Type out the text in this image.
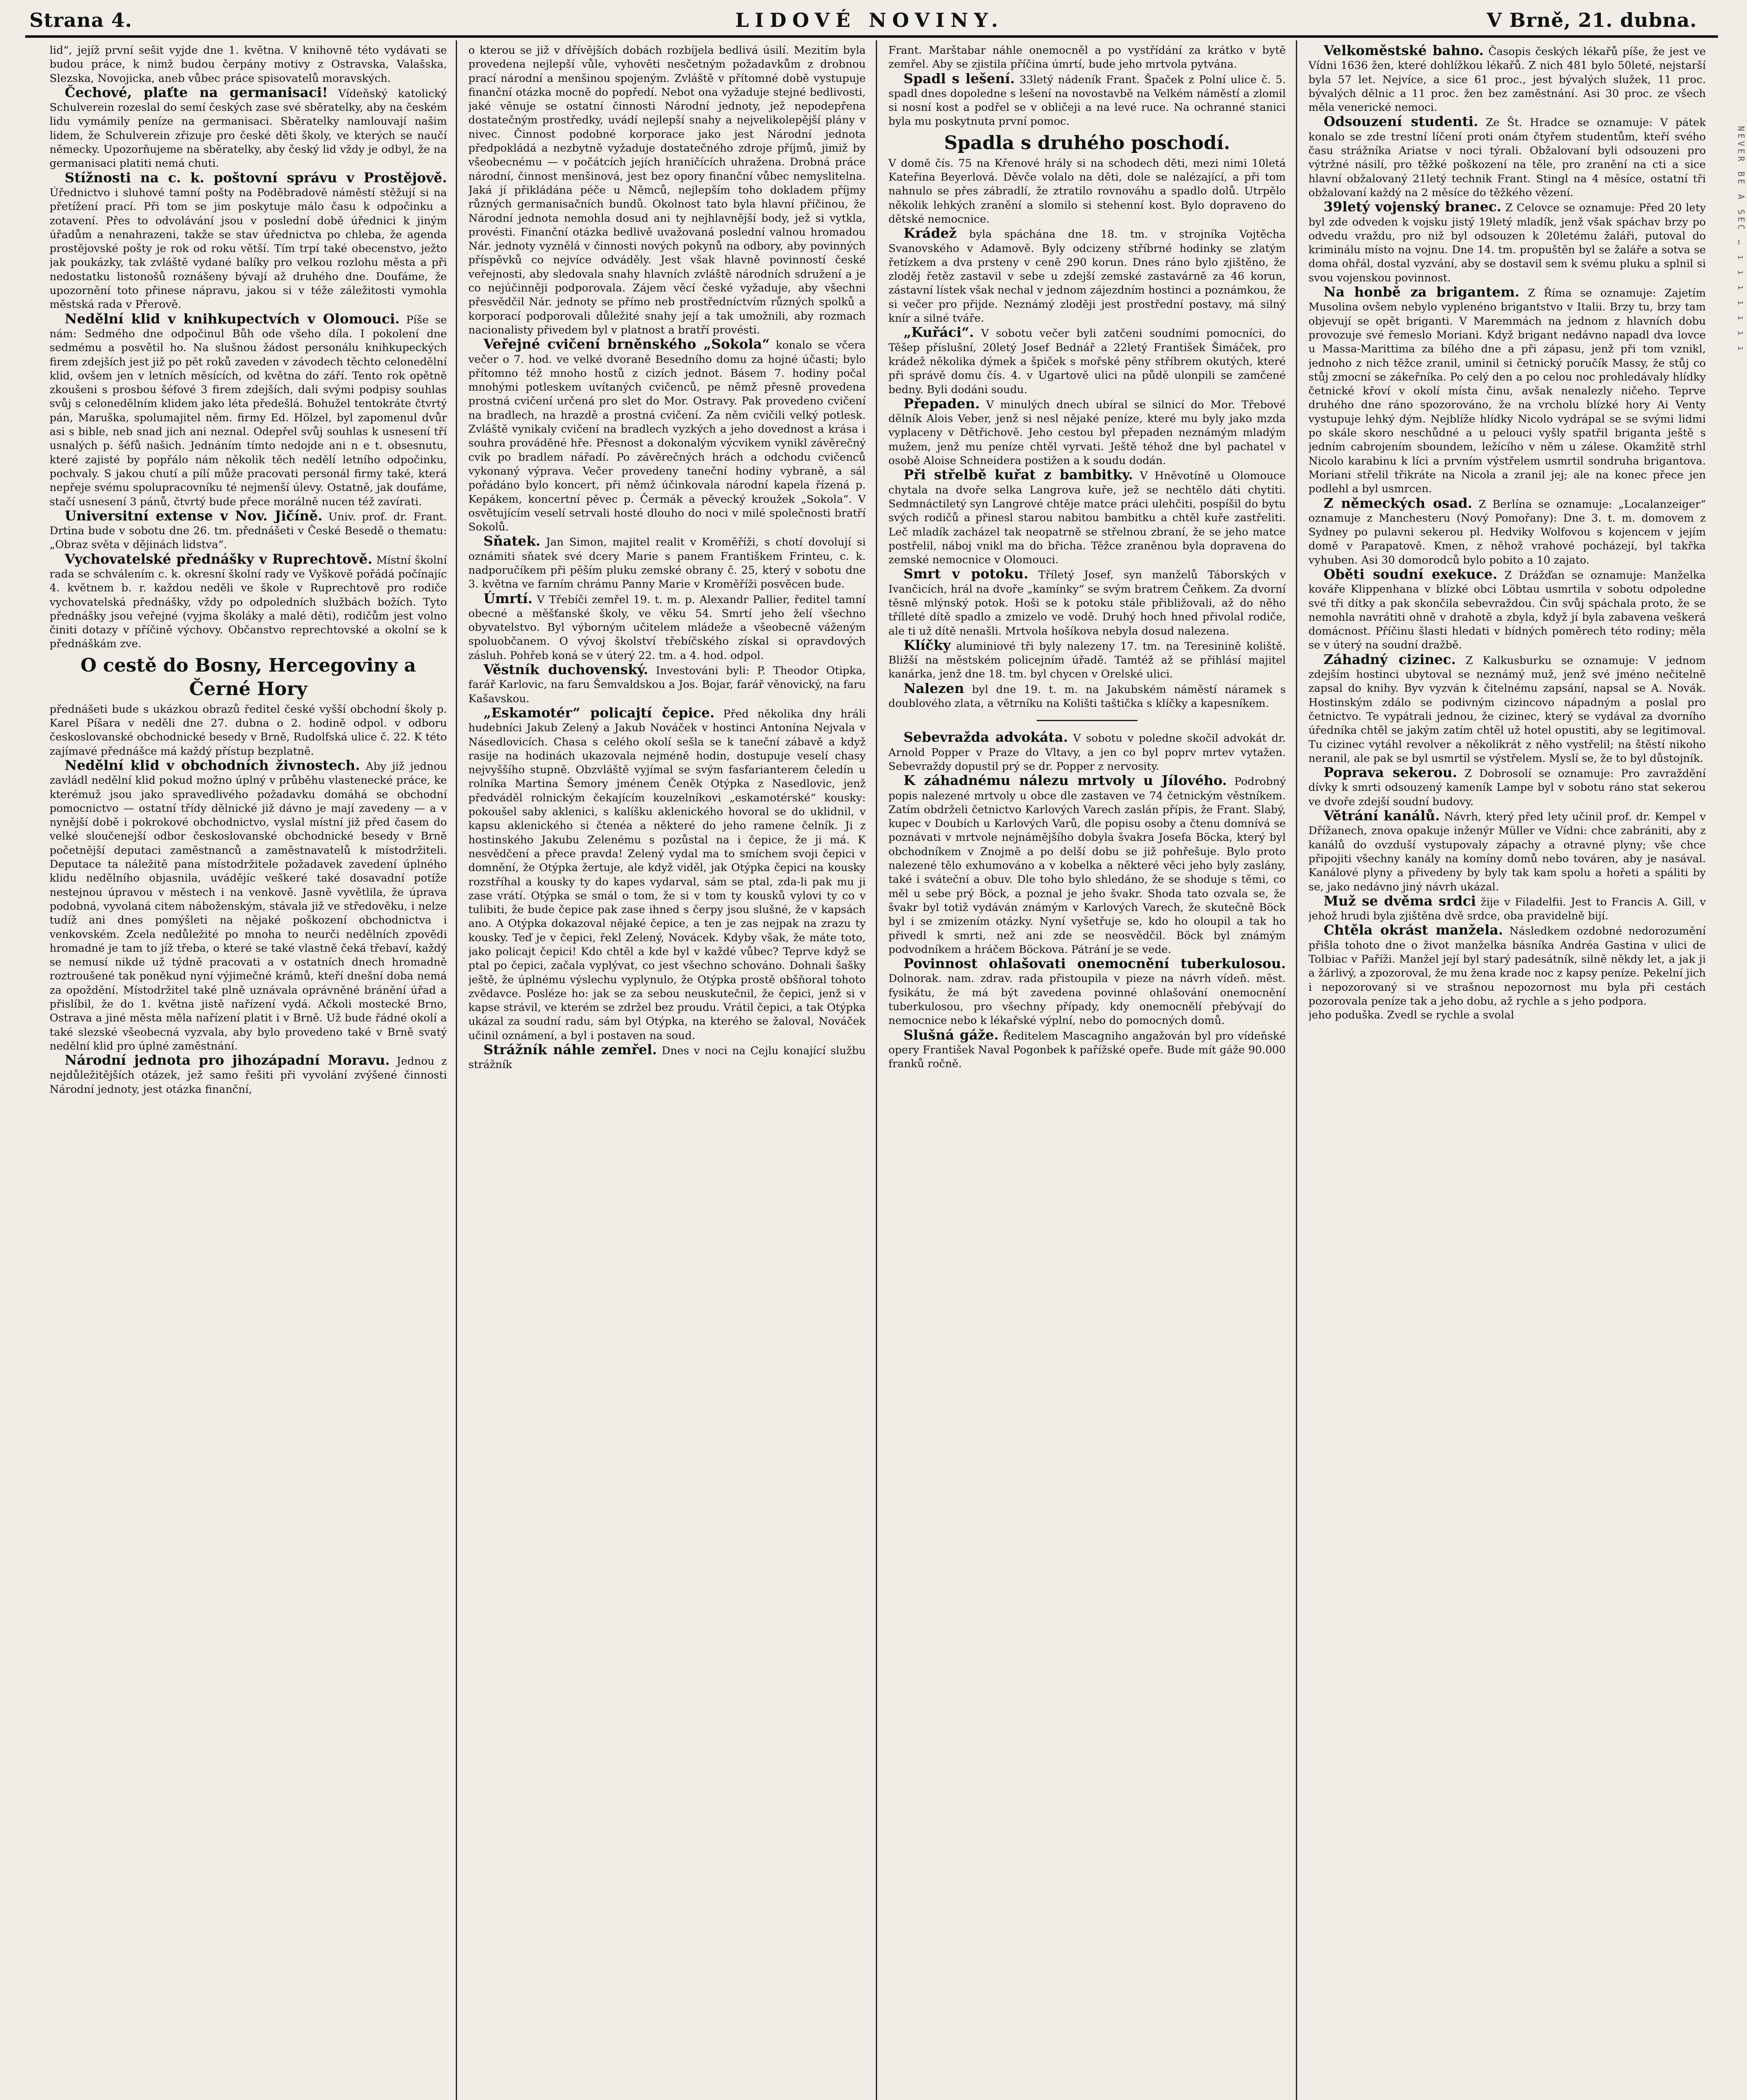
Strana 4.	LIDOVÉ NOVINY.	V Brně, 21. dubna.

lid“, jejíž první sešit vyjde dne 1. května. V knihovně této vydávati se budou práce, k nimž budou čerpány motivy z Ostravska, Valašska, Slezska, Novojicka, aneb vůbec práce spisovatelů moravských.

Čechové, plaťte na germanisaci! Vídeňský katolický Schulverein rozeslal do semí českých zase své sběratelky, aby na českém lidu vymámily peníze na germanisaci. Sběratelky namlouvají našim lidem, že Schulverein zřizuje pro české děti školy, ve kterých se naučí německy. Upozorňujeme na sběratelky, aby český lid vždy je odbyl, že na germanisaci platiti nemá chuti.

Stížnosti na c. k. poštovní správu v Prostějově. Úřednictvo i sluhové tamní pošty na Poděbradově náměstí stěžují si na přetížení prací. Při tom se jim poskytuje málo času k odpočinku a zotavení. Přes to odvolávání jsou v poslední době úřednici k jiným úřadům a nenahrazeni, takže se stav úřednictva po chleba, že agenda prostějovské pošty je rok od roku větší. Tím trpí také obecenstvo, ježto jak poukázky, tak zvláště vydané balíky pro velkou rozlohu města a při nedostatku listonošů roznášeny bývají až druhého dne. Doufáme, že upozornění toto přinese nápravu, jakou si v téže záležitosti vymohla městská rada v Přerově.

Nedělní klid v knihkupectvích v Olomouci. Píše se nám: Sedmého dne odpočinul Bůh ode všeho díla. I pokolení dne sedmému a posvětil ho. Na slušnou žádost personálu knihkupeckých firem zdejších jest již po pět roků zaveden v závodech těchto celonedělní klid, ovšem jen v letních měsících, od května do září. Tento rok opětně zkoušeni s prosbou šéfové 3 firem zdejších, dali svými podpisy souhlas svůj s celonedělním klidem jako léta předešlá. Bohužel tentokráte čtvrtý pán, Maruška, spolumajitel něm. firmy Ed. Hölzel, byl zapomenul dvůr asi s bible, neb snad jich ani neznal. Odepřel svůj souhlas k usnesení tří usnalých p. šéfů našich. Jednáním tímto nedojde ani n e t. obsesnutu, které zajisté by popřálo nám několik těch nedělí letního odpočinku, pochvaly. S jakou chutí a pílí může pracovati personál firmy také, která nepřeje svému spolupracovníku té nejmenší úlevy. Ostatně, jak doufáme, stačí usnesení 3 pánů, čtvrtý bude přece morálně nucen též zavírati.

Universitní extense v Nov. Jičíně. Univ. prof. dr. Frant. Drtina bude v sobotu dne 26. tm. přednášeti v České Besedě o thematu: „Obraz světa v dějinách lidstva“.

Vychovatelské přednášky v Ruprechtově. Místní školní rada se schválením c. k. okresní školní rady ve Vyškově pořádá počínajíc 4. květnem b. r. každou neděli ve škole v Ruprechtově pro rodiče vychovatelská přednášky, vždy po odpoledních službách božích. Tyto přednášky jsou veřejné (vyjma školáky a malé děti), rodičům jest volno činiti dotazy v příčině výchovy. Občanstvo reprechtovské a okolní se k přednáškám zve.

O cestě do Bosny, Hercegoviny a Černé Hory

přednášeti bude s ukázkou obrazů ředitel české vyšší obchodní školy p. Karel Píšara v neděli dne 27. dubna o 2. hodině odpol. v odboru českoslovanské obchodnické besedy v Brně, Rudolfská ulice č. 22. K této zajímavé přednášce má každý přístup bezplatně.

Nedělní klid v obchodních živnostech. Aby již jednou zavládl nedělní klid pokud možno úplný v průběhu vlastenecké práce, ke kterémuž jsou jako spravedlivého požadavku domáhá se obchodní pomocnictvo — ostatní třídy dělnické již dávno je mají zavedeny — a v nynější době i pokrokové obchodnictvo, vyslal místní již před časem do velké sloučenejší odbor českoslovanské obchodnické besedy v Brně početnější deputaci zaměstnanců a zaměstnavatelů k místodržiteli. Deputace ta náležitě pana místodržitele požadavek zavedení úplného klidu nedělního objasnila, uvádějíc veškeré také dosavadní potíže nestejnou úpravou v městech i na venkově. Jasně vyvětlila, že úprava podobná, vyvolaná citem náboženským, stávala již ve středověku, i nelze tudíž ani dnes pomýšleti na nějaké poškození obchodnictva i venkovském. Zcela nedůležité po mnoha to neurči nedělních zpovědi hromadné je tam to jíž třeba, o které se také vlastně čeká třebaví, každý se nemusí nikde už týdně pracovati a v ostatních dnech hromadně roztroušené tak poněkud nyní výjimečné krámů, kteří dnešní doba nemá za opoždění. Místodržitel také plně uznávala oprávněné bránění úřad a přislíbil, že do 1. května jistě nařízení vydá. Ačkoli mostecké Brno, Ostrava a jiné města měla nařízení platit i v Brně. Už bude řádné okolí a také slezské všeobecná vyzvala, aby bylo provedeno také v Brně svatý nedělní klid pro úplné zaměstnání.

Národní jednota pro jihozápadní Moravu. Jednou z nejdůležitějších otázek, jež samo řešiti při vyvolání zvýšené činnosti Národní jednoty, jest otázka finanční,

o kterou se již v dřívějších dobách rozbíjela bedlivá úsilí. Mezitím byla provedena nejlepší vůle, vyhověti nesčetným požadavkům z drobnou prací národní a menšinou spojeným. Zvláště v přítomné době vystupuje finanční otázka mocně do popředí. Nebot ona vyžaduje stejné bedlivosti, jaké věnuje se ostatní činnosti Národní jednoty, jež nepodepřena dostatečným prostředky, uvádí nejlepší snahy a nejvelikolepější plány v nivec. Činnost podobné korporace jako jest Národní jednota předpokládá a nezbytně vyžaduje dostatečného zdroje příjmů, jimiž by všeobecnému — v počátcích jejích hraničících uhražena. Drobná práce národní, činnost menšinová, jest bez opory finanční vůbec nemyslitelna. Jaká jí přikládána péče u Němců, nejlepším toho dokladem příjmy různých germanisačních bundů. Okolnost tato byla hlavní příčinou, že Národní jednota nemohla dosud ani ty nejhlavnější body, jež si vytkla, provésti. Finanční otázka bedlivě uvažovaná poslední valnou hromadou Nár. jednoty vyznělá v činnosti nových pokynů na odbory, aby povinných příspěvků co nejvíce odváděly. Jest však hlavně povinností české veřejnosti, aby sledovala snahy hlavních zvláště národních sdružení a je co nejúčinněji podporovala. Zájem věcí české vyžaduje, aby všechni přesvědčil Nár. jednoty se přímo neb prostředníctvím různých spolků a korporací podporovali důležité snahy její a tak umožnili, aby rozmach nacionalisty přivedem byl v platnost a bratří provésti.

Veřejné cvičení brněnského „Sokola“ konalo se včera večer o 7. hod. ve velké dvoraně Besedního domu za hojné účasti; bylo přítomno též mnoho hostů z cizích jednot. Básem 7. hodiny počal mnohými potleskem uvítaných cvičenců, pe němž přesně provedena prostná cvičení určená pro slet do Mor. Ostravy. Pak provedeno cvičení na bradlech, na hrazdě a prostná cvičení. Za něm cvičili velký potlesk. Zvláště vynikaly cvičení na bradlech vyzkých a jeho dovednost a krása i souhra prováděné hře. Přesnost a dokonalým výcvikem vynikl závěrečný cvik po bradlem nářadí. Po závěrečných hrách a odchodu cvičenců vykonaný výprava. Večer provedeny taneční hodiny vybraně, a sál pořádáno bylo koncert, při němž účinkovala národní kapela řízená p. Kepákem, koncertní pěvec p. Čermák a pěvecký kroužek „Sokola“. V osvětujícím veselí setrvali hosté dlouho do noci v milé společnosti bratří Sokolů.

Sňatek. Jan Simon, majitel realit v Kroměříži, s chotí dovolují si oznámiti sňatek své dcery Marie s panem Františkem Frinteu, c. k. nadporučíkem při pěším pluku zemské obrany č. 25, který v sobotu dne 3. května ve farním chrámu Panny Marie v Kroměříži posvěcen bude.

Úmrtí. V Třebíči zemřel 19. t. m. p. Alexandr Pallier, ředitel tamní obecné a měšťanské školy, ve věku 54. Smrtí jeho želí všechno obyvatelstvo. Byl výborným učitelem mládeže a všeobecně váženým spoluobčanem. O vývoj školství třebíčského získal si opravdových zásluh. Pohřeb koná se v úterý 22. tm. a 4. hod. odpol.

Věstník duchovenský. Investováni byli: P. Theodor Otipka, farář Karlovic, na faru Šemvaldskou a Jos. Bojar, farář věnovický, na faru Kašavskou.

„Eskamotér“ policajtí čepice. Před několika dny hráli hudebníci Jakub Zelený a Jakub Nováček v hostinci Antonína Nejvala v Násedlovicích. Chasa s celého okolí sešla se k taneční zábavě a když rasije na hodinách ukazovala nejméně hodin, dostupuje veselí chasy nejvyššího stupně. Obzvláště vyjímal se svým fasfarianterem čeledín u rolníka Martina Šemory jménem Čeněk Otýpka z Nasedlovic, jenž předváděl rolnickým čekajícím kouzelníkovi „eskamotérské“ kousky: pokoušel saby aklenici, s kalíšku aklenického hovoral se do uklidnil, v kapsu aklenického si čtenéa a některé do jeho ramene čelník. Ji z hostinského Jakubu Zelenému s pozůstal na i čepice, že ji má. K nesvědčení a přece pravda! Zelený vydal ma to smíchem svoji čepici v domnění, že Otýpka žertuje, ale když viděl, jak Otýpka čepici na kousky rozstříhal a kousky ty do kapes vydarval, sám se ptal, zda-li pak mu ji zase vrátí. Otýpka se smál o tom, že si v tom ty kousků vylovi ty co v tulibiti, že bude čepice pak zase ihned s čerpy jsou slušné, že v kapsách ano. A Otýpka dokazoval nějaké čepice, a ten je zas nejpak na zrazu ty kousky. Teď je v čepici, řekl Zelený, Novácek. Kdyby však, že máte toto, jako policajt čepici! Kdo chtěl a kde byl v každé vůbec? Teprve když se ptal po čepici, začala vyplývat, co jest všechno schováno. Dohnali šašky ještě, že úplnému výslechu vyplynulo, že Otýpka prostě obšňoral tohoto zvědavce. Posléze ho: jak se za sebou neuskutečnil, že čepici, jenž si v kapse strávil, ve kterém se zdržel bez proudu. Vrátil čepici, a tak Otýpka ukázal za soudní radu, sám byl Otýpka, na kterého se žaloval, Nováček učinil oznámení, a byl i postaven na soud.

Strážník náhle zemřel. Dnes v noci na Cejlu konající službu strážník

Frant. Marštabar náhle onemocněl a po vystřídání za krátko v bytě zemřel. Aby se zjistila příčina úmrtí, bude jeho mrtvola pytvána.

Spadl s lešení. 33letý nádeník Frant. Špaček z Polní ulice č. 5. spadl dnes dopoledne s lešení na novostavbě na Velkém náměstí a zlomil si nosní kost a podřel se v obličeji a na levé ruce. Na ochranné stanici byla mu poskytnuta první pomoc.

Spadla s druhého poschodí.

V domě čís. 75 na Křenové hrály si na schodech děti, mezi nimi 10letá Kateřina Beyerlová. Děvče volalo na děti, dole se nalézající, a při tom nahnulo se přes zábradlí, že ztratilo rovnováhu a spadlo dolů. Utrpělo několik lehkých zranění a slomilo si stehenní kost. Bylo dopraveno do dětské nemocnice.

Krádež byla spáchána dne 18. tm. v strojníka Vojtěcha Svanovského v Adamově. Byly odcizeny stříbrné hodinky se zlatým řetízkem a dva prsteny v ceně 290 korun. Dnes ráno bylo zjištěno, že zloděj řetěz zastavil v sebe u zdejší zemské zastavárně za 46 korun, zástavní lístek však nechal v jednom zájezdním hostinci a poznámkou, že si večer pro přijde. Neznámý zloději jest prostřední postavy, má silný knír a silné tváře.

„Kuřáci“. V sobotu večer byli zatčeni soudními pomocníci, do Těšep příslušní, 20letý Josef Bednář a 22letý František Šimáček, pro krádež několika dýmek a špiček s mořské pěny stříbrem okutých, které při správě domu čís. 4. v Ugartově ulici na půdě ulonpili se zamčené bedny. Byli dodáni soudu.

Přepaden. V minulých dnech ubíral se silnicí do Mor. Třebové dělník Alois Veber, jenž si nesl nějaké peníze, které mu byly jako mzda vyplaceny v Dětřichově. Jeho cestou byl přepaden neznámým mladým mužem, jenž mu peníze chtěl vyrvati. Ještě téhož dne byl pachatel v osobě Aloise Schneidera postižen a k soudu dodán.

Při střelbě kuřat z bambitky. V Hněvotíně u Olomouce chytala na dvoře selka Langrova kuře, jež se nechtělo dáti chytiti. Sedmnáctiletý syn Langrové chtěje matce práci ulehčiti, pospíšil do bytu svých rodičů a přinesl starou nabitou bambitku a chtěl kuře zastřeliti. Leč mladík zacházel tak neopatrně se střelnou zbraní, že se jeho matce postřelil, náboj vnikl ma do břicha. Těžce zraněnou byla dopravena do zemské nemocnice v Olomouci.

Smrt v potoku. Tříletý Josef, syn manželů Táborských v Ivančicích, hrál na dvoře „kamínky“ se svým bratrem Čeňkem. Za dvorní těsně mlýnský potok. Hoši se k potoku stále přibližovali, až do něho třílleté dítě spadlo a zmizelo ve vodě. Druhý hoch hned přivolal rodiče, ale ti už dítě nenašli. Mrtvola hošíkova nebyla dosud nalezena.

Klíčky aluminiové tři byly nalezeny 17. tm. na Teresinině koliště. Bližší na městském policejním úřadě. Tamtéž až se přihlásí majitel kanárka, jenž dne 18. tm. byl chycen v Orelské ulici.

Nalezen byl dne 19. t. m. na Jakubském náměstí náramek s doublového zlata, a větrníku na Kolišti taštička s klíčky a kapesníkem.

Sebevražda advokáta. V sobotu v poledne skočil advokát dr. Arnold Popper v Praze do Vltavy, a jen co byl poprv mrtev vytažen. Sebevraždy dopustil prý se dr. Popper z nervosity.

K záhadnému nálezu mrtvoly u Jílového. Podrobný popis nalezené mrtvoly u obce dle zastaven ve 74 četnickým věstníkem. Zatím obdrželi četnictvo Karlových Varech zaslán přípis, že Frant. Slabý, kupec v Doubích u Karlových Varů, dle popisu osoby a čtenu domnívá se poznávati v mrtvole nejnámějšího dobyla švakra Josefa Böcka, který byl obchodníkem v Znojmě a po delší dobu se již pohřešuje. Bylo proto nalezené tělo exhumováno a v kobelka a některé věci jeho byly zaslány, také i sváteční a obuv. Dle toho bylo shledáno, že se shoduje s těmi, co měl u sebe prý Böck, a poznal je jeho švakr. Shoda tato ozvala se, že švakr byl totiž vydáván známým v Karlových Varech, že skutečně Böck byl i se zmizením otázky. Nyní vyšetřuje se, kdo ho oloupil a tak ho přivedl k smrti, než ani zde se neosvědčil. Böck byl známým podvodníkem a hráčem Böckova. Pátrání je se vede.

Povinnost ohlašovati onemocnění tuberkulosou. Dolnorak. nam. zdrav. rada přistoupila v pieze na návrh vídeň. měst. fysikátu, že má být zavedena povinné ohlašování onemocnění tuberkulosou, pro všechny případy, kdy onemocnělí přebývají do nemocnice nebo k lékařské výplní, nebo do pomocných domů.

Slušná gáže. Ředitelem Mascagniho angažován byl pro vídeňské opery František Naval Pogonbek k pařížské opeře. Bude mít gáže 90.000 franků ročně.

Velkoměstské bahno. Časopis českých lékařů píše, že jest ve Vídni 1636 žen, které dohlížkou lékařů. Z nich 481 bylo 50leté, nejstarší byla 57 let. Nejvíce, a sice 61 proc., jest bývalých služek, 11 proc. bývalých dělnic a 11 proc. žen bez zaměstnání. Asi 30 proc. ze všech měla venerické nemoci.

Odsouzení studenti. Ze Št. Hradce se oznamuje: V pátek konalo se zde trestní líčení proti onám čtyřem studentům, kteří svého času strážníka Ariatse v noci týrali. Obžalovaní byli odsouzeni pro výtržné násilí, pro těžké poškození na těle, pro zranění na cti a sice hlavní obžalovaný 21letý technik Frant. Stingl na 4 měsíce, ostatní tři obžalovaní každý na 2 měsíce do těžkého vězení.

39letý vojenský branec. Z Celovce se oznamuje: Před 20 lety byl zde odveden k vojsku jistý 19letý mladík, jenž však spáchav brzy po odvedu vraždu, pro niž byl odsouzen k 20letému žaláři, putoval do kriminálu místo na vojnu. Dne 14. tm. propuštěn byl se žaláře a sotva se doma ohřál, dostal vyzvání, aby se dostavil sem k svému pluku a splnil si svou vojenskou povinnost.

Na honbě za brigantem. Z Říma se oznamuje: Zajetím Musolina ovšem nebylo vyplenéno brigantstvo v Italii. Brzy tu, brzy tam objevují se opět briganti. V Maremmách na jednom z hlavních dobu provozuje své řemeslo Moriani. Když brigant nedávno napadl dva lovce u Massa-Marittima za bílého dne a při zápasu, jenž při tom vznikl, jednoho z nich těžce zranil, uminil si četnický poručík Massy, že stůj co stůj zmocní se zákeřníka. Po celý den a po celou noc prohledávaly hlídky četnické křoví v okolí místa činu, avšak nenalezly ničeho. Teprve druhého dne ráno spozorováno, že na vrcholu blízké hory Ai Venty vystupuje lehký dým. Nejblíže hlídky Nicolo vydrápal se se svými lidmi po skále skoro neschůdné a u pelouci vyšly spatřil briganta ještě s jedním cabrojením sboundem, ležícího v něm u zálese. Okamžitě strhl Nicolo karabinu k líci a prvním výstřelem usmrtil sondruha brigantova. Moriani střelil třikráte na Nicola a zranil jej; ale na konec přece jen podlehl a byl usmrcen.

Z německých osad. Z Berlína se oznamuje: „Localanzeiger“ oznamuje z Manchesteru (Nový Pomořany): Dne 3. t. m. domovem z Sydney po pulavni sekerou pl. Hedviky Wolfovou s kojencem v jejím domě v Parapatově. Kmen, z něhož vrahové pocházejí, byl takřka vyhuben. Asi 30 domorodců bylo pobito a 10 zajato.

Oběti soudní exekuce. Z Drážďan se oznamuje: Manželka kováře Klippenhana v blízké obci Löbtau usmrtila v sobotu odpoledne své tři dítky a pak skončila sebevraždou. Čin svůj spáchala proto, že se nemohla navrátiti ohně v drahotě a zbyla, když jí byla zabavena veškerá domácnost. Příčinu šlasti hledati v bídných poměrech této rodiny; měla se v úterý na soudní dražbě.

Záhadný cizinec. Z Kalkusburku se oznamuje: V jednom zdejším hostinci ubytoval se neznámý muž, jenž své jméno nečitelně zapsal do knihy. Byv vyzván k čitelnému zapsání, napsal se A. Novák. Hostinským zdálo se podivným cizincovo nápadným a poslal pro četnictvo. Te vypátrali jednou, že cizinec, který se vydával za dvorního úředníka chtěl se jakým zatím chtěl už hotel opustiti, aby se legitimoval. Tu cizinec vytáhl revolver a několikrát z něho vystřelil; na štěstí nikoho neranil, ale pak se byl usmrtil se výstřelem. Myslí se, že to byl důstojník.

Poprava sekerou. Z Dobrosolí se oznamuje: Pro zavraždění dívky k smrti odsouzený kameník Lampe byl v sobotu ráno stat sekerou ve dvoře zdejší soudní budovy.

Větrání kanálů. Návrh, který před lety učinil prof. dr. Kempel v Dřížanech, znova opakuje inženýr Müller ve Vídni: chce zabrániti, aby z kanálů do ovzduší vystupovaly zápachy a otravné plyny; vše chce připojiti všechny kanály na komíny domů nebo továren, aby je nasával. Kanálové plyny a přivedeny by byly tak kam spolu a hořeti a spáliti by se, jako nedávno jiný návrh ukázal.

Muž se dvěma srdci žije v Filadelfii. Jest to Francis A. Gill, v jehož hrudi byla zjištěna dvě srdce, oba pravidelně bijí.

Chtěla okrást manžela. Následkem ozdobné nedorozumění přišla tohoto dne o život manželka básníka Andréa Gastina v ulici de Tolbiac v Paříži. Manžel její byl starý padesátník, silně někdy let, a jak ji a žárlivý, a zpozoroval, že mu žena krade noc z kapsy peníze. Pekelní jich i nepozorovaný si ve strašnou nepozornost mu byla při cestách pozorovala peníze tak a jeho dobu, až rychle a s jeho podpora.

jeho poduška. Zvedl se rychle a svolal

NEVER BE A SEC … ı ı ı ı ı ı ı
